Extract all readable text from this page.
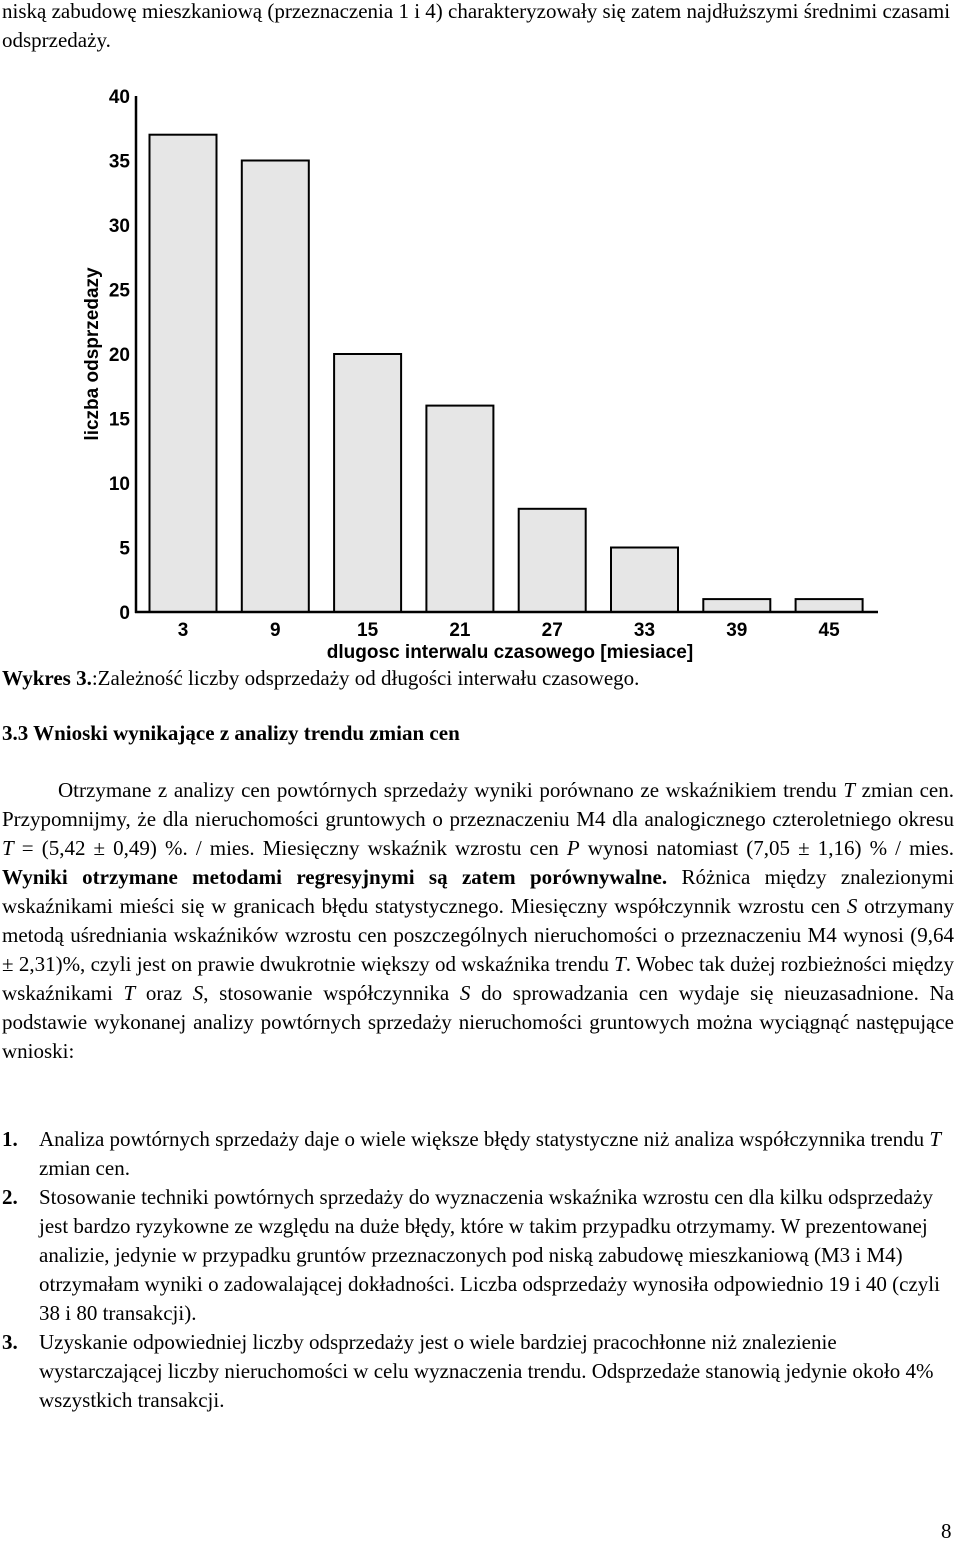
niską zabudowę mieszkaniową (przeznaczenia 1 i 4) charakteryzowały się zatem najdłuższymi średnimi czasami odsprzedaży.
0
5
10
15
20
25
30
35
40
3	9	15	21	27	33	39	45
liczba odsprzedazy
dlugosc interwalu czasowego [miesiace]
Wykres 3.:Zależność liczby odsprzedaży od długości interwału czasowego.
3.3 Wnioski wynikające z analizy trendu zmian cen

Otrzymane z analizy cen powtórnych sprzedaży wyniki porównano ze wskaźnikiem trendu T zmian cen. Przypomnijmy, że dla nieruchomości gruntowych o przeznaczeniu M4 dla analogicznego czteroletniego okresu T = (5,42 ± 0,49) %. / mies. Miesięczny wskaźnik wzrostu cen P wynosi natomiast (7,05 ± 1,16) % / mies. Wyniki otrzymane metodami regresyjnymi są zatem porównywalne. Różnica między znalezionymi wskaźnikami mieści się w granicach błędu statystycznego. Miesięczny współczynnik wzrostu cen S otrzymany metodą uśredniania wskaźników wzrostu cen poszczególnych nieruchomości o przeznaczeniu M4 wynosi (9,64 ± 2,31)%, czyli jest on prawie dwukrotnie większy od wskaźnika trendu T. Wobec tak dużej rozbieżności między wskaźnikami T oraz S, stosowanie współczynnika S do sprowadzania cen wydaje się nieuzasadnione. Na podstawie wykonanej analizy powtórnych sprzedaży nieruchomości gruntowych można wyciągnąć następujące wnioski:

1. Analiza powtórnych sprzedaży daje o wiele większe błędy statystyczne niż analiza współczynnika trendu T zmian cen.
2. Stosowanie techniki powtórnych sprzedaży do wyznaczenia wskaźnika wzrostu cen dla kilku odsprzedaży jest bardzo ryzykowne ze względu na duże błędy, które w takim przypadku otrzymamy. W prezentowanej analizie, jedynie w przypadku gruntów przeznaczonych pod niską zabudowę mieszkaniową (M3 i M4) otrzymałam wyniki o zadowalającej dokładności. Liczba odsprzedaży wynosiła odpowiednio 19 i 40 (czyli 38 i 80 transakcji).
3. Uzyskanie odpowiedniej liczby odsprzedaży jest o wiele bardziej pracochłonne niż znalezienie wystarczającej liczby nieruchomości w celu wyznaczenia trendu. Odsprzedaże stanowią jedynie około 4% wszystkich transakcji.
8
